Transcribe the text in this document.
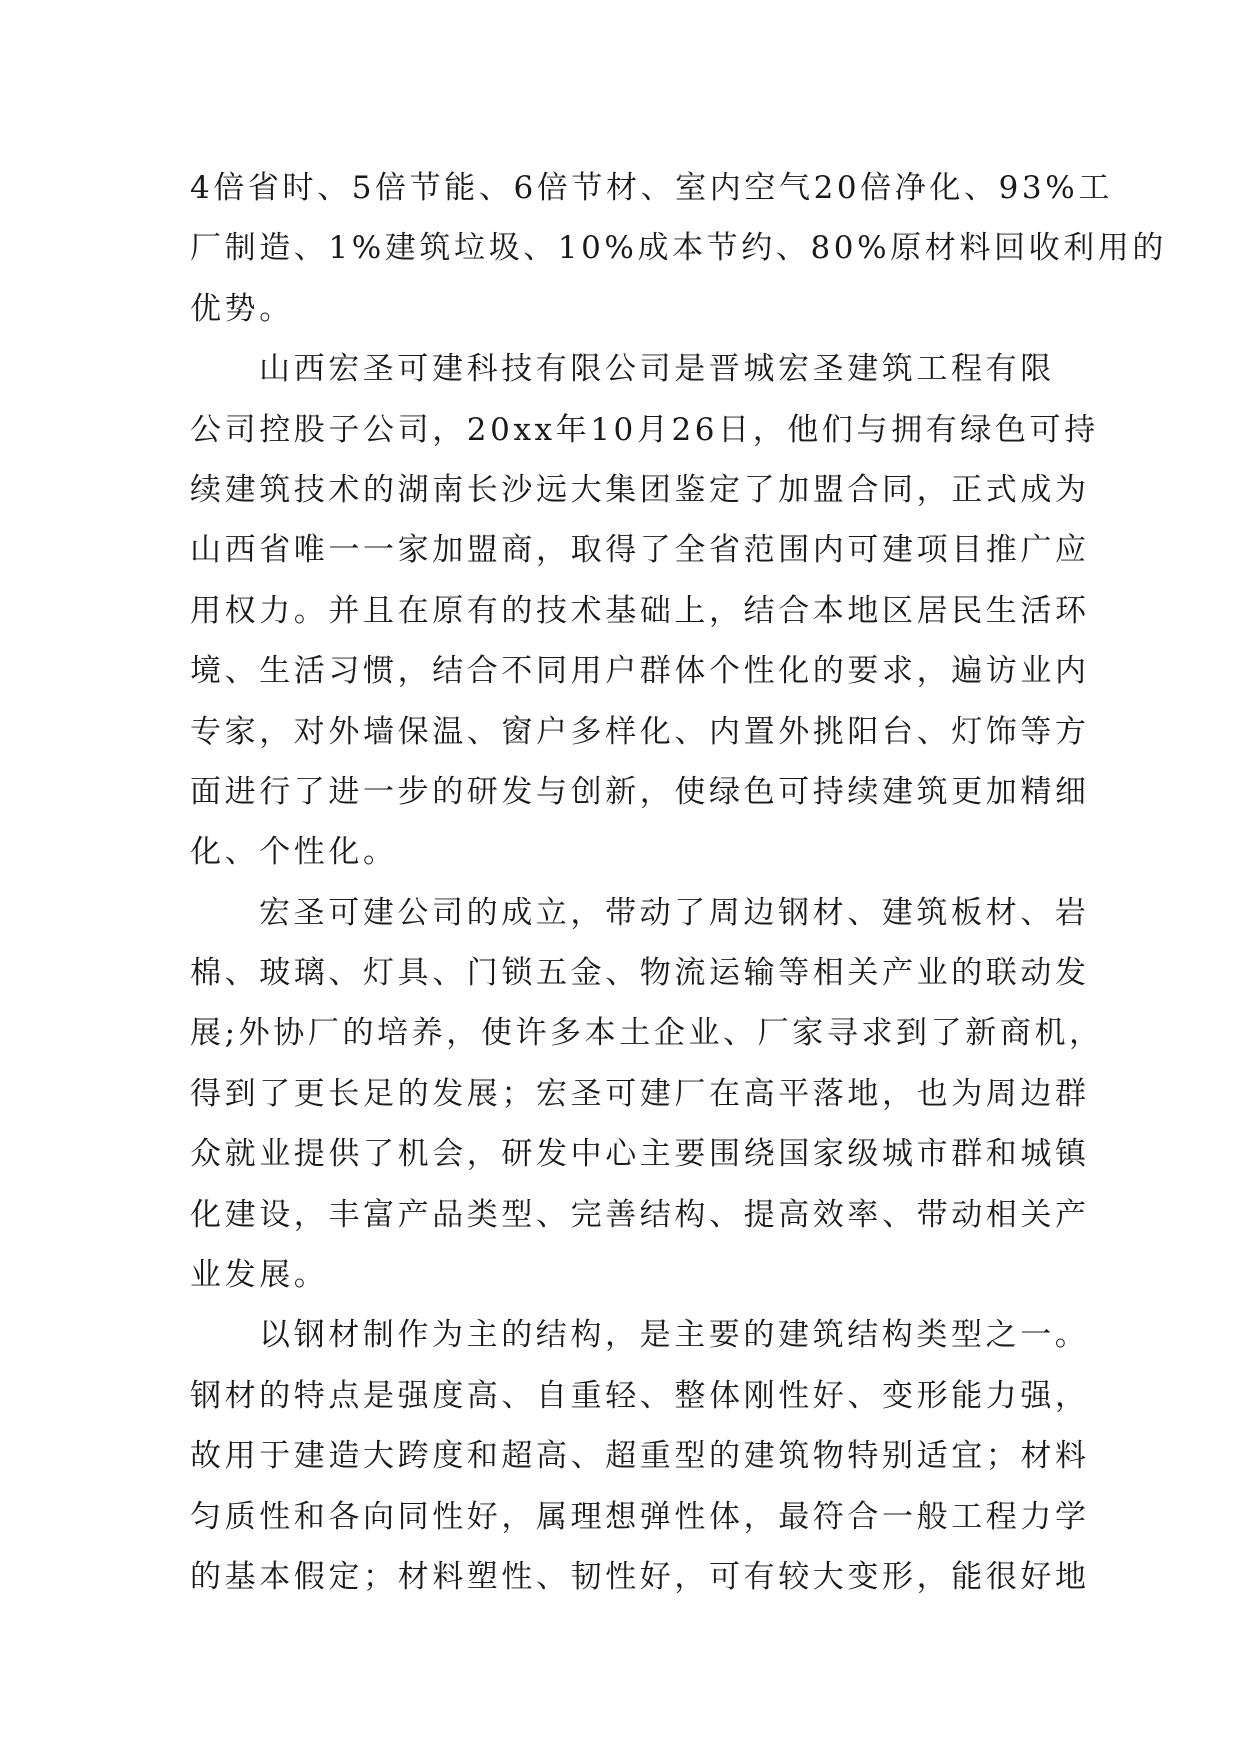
4倍省时、5倍节能、6倍节材、室内空气20倍净化、93%工
厂制造、1%建筑垃圾、10%成本节约、80%原材料回收利用的
优势。
山西宏圣可建科技有限公司是晋城宏圣建筑工程有限
公司控股子公司，20xx年10月26日，他们与拥有绿色可持
续建筑技术的湖南长沙远大集团鉴定了加盟合同，正式成为
山西省唯一一家加盟商，取得了全省范围内可建项目推广应
用权力。并且在原有的技术基础上，结合本地区居民生活环
境、生活习惯，结合不同用户群体个性化的要求，遍访业内
专家，对外墙保温、窗户多样化、内置外挑阳台、灯饰等方
面进行了进一步的研发与创新，使绿色可持续建筑更加精细
化、个性化。
宏圣可建公司的成立，带动了周边钢材、建筑板材、岩
棉、玻璃、灯具、门锁五金、物流运输等相关产业的联动发
展;外协厂的培养，使许多本土企业、厂家寻求到了新商机，
得到了更长足的发展；宏圣可建厂在高平落地，也为周边群
众就业提供了机会，研发中心主要围绕国家级城市群和城镇
化建设，丰富产品类型、完善结构、提高效率、带动相关产
业发展。
以钢材制作为主的结构，是主要的建筑结构类型之一。
钢材的特点是强度高、自重轻、整体刚性好、变形能力强，
故用于建造大跨度和超高、超重型的建筑物特别适宜；材料
匀质性和各向同性好，属理想弹性体，最符合一般工程力学
的基本假定；材料塑性、韧性好，可有较大变形，能很好地
